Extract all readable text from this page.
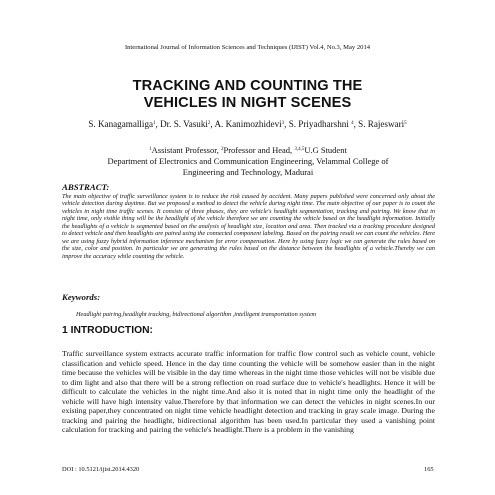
International Journal of Information Sciences and Techniques (IJIST) Vol.4, No.3, May 2014
TRACKING AND COUNTING THE
VEHICLES IN NIGHT SCENES
S. Kanagamalliga$^1$, Dr. S. Vasuki$^2$, A. Kanimozhidevi$^3$, S. Priyadharshni $^4$, S. Rajeswari$^5$
$^1$Assistant Professor, $^2$Professor and Head, $^{3,4,5}$U.G Student
Department of Electronics and Communication Engineering, Velammal College of
Engineering and Technology, Madurai
ABSTRACT:
The main objective of traffic surveillance system is to reduce the risk caused by accident. Many papers published were concerned only about the vehicle detection during daytime. But we proposed a method to detect the vehicle during night time. The main objective of our paper is to count the vehicles in night time traffic scenes. It consists of three phases, they are vehicle's headlight segmentation, tracking and pairing. We know that in night time, only visible thing will be the headlight of the vehicle therefore we are counting the vehicle based on the headlight information. Initially the headlights of a vehicle is segmented based on the analysis of headlight size, location and area. Then tracked via a tracking procedure designed to detect vehicle and then headlights are paired using the connected component labeling. Based on the pairing result we can count the vehicles. Here we are using fuzzy hybrid information inference mechanism for error compensation. Here by using fuzzy logic we can generate the rules based on the size, color and position. In particular we are generating the rules based on the distance between the headlights of a vehicle.Thereby we can improve the accuracy while counting the vehicle.
Keywords:
Headlight pairing,headlight tracking, bidirectional algorithm ,intelligent transportation system
1 INTRODUCTION:
Traffic surveillance system extracts accurate traffic information for traffic flow control such as vehicle count, vehicle classification and vehicle speed. Hence in the day time counting the vehicle will be somehow easier than in the night time because the vehicles will be visible in the day time whereas in the night time those vehicles will not be visible due to dim light and also that there will be a strong reflection on road surface due to vehicle's headlights. Hence it will be difficult to calculate the vehicles in the night time.And also it is noted that in night time only the headlight of the vehicle will have high intensity value.Therefore by that information we can detect the vehicles in night scenes.In our existing paper,they concentrated on night time vehicle headlight detection and tracking in gray scale image. During the tracking and pairing the headlight, bidirectional algorithm has been used.In particular they used a vanishing point calculation for tracking and pairing the vehicle's headlight.There is a problem in the vanishing
DOI : 10.5121/ijist.2014.4320	165
